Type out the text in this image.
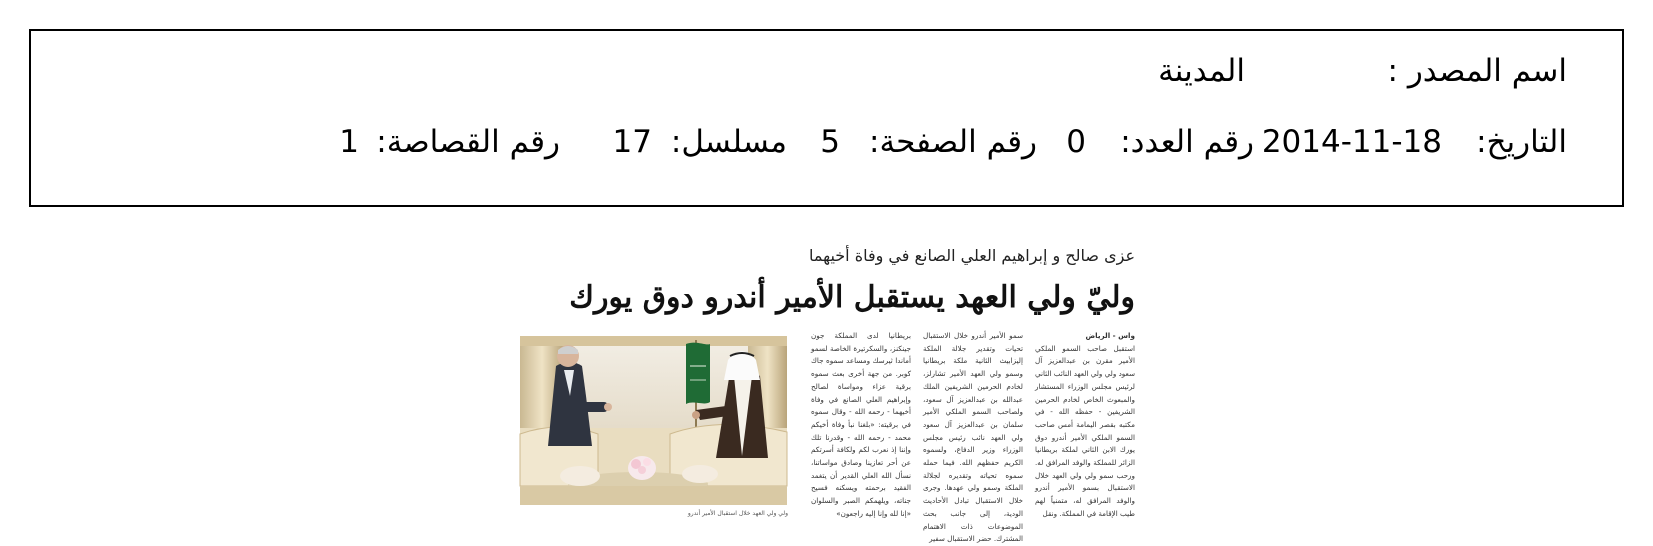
اسم المصدر :
المدينة
التاريخ:
2014-11-18
رقم العدد:
0
رقم الصفحة:
5
مسلسل:
17
رقم القصاصة:
1
عزى صالح و إبراهيم العلي الصانع في وفاة أخيهما
وليّ ولي العهد يستقبل الأمير أندرو دوق يورك
واس - الرياض
استقبل صاحب السمو الملكي الأمير مقرن بن عبدالعزيز آل سعود ولي ولي العهد النائب الثاني لرئيس مجلس الوزراء المستشار والمبعوث الخاص لخادم الحرمين الشريفين - حفظه الله - في مكتبه بقصر اليمامة أمس صاحب السمو الملكي الأمير أندرو دوق يورك الابن الثاني لملكة بريطانيا الزائر للمملكة والوفد المرافق له. ورحب سمو ولي ولي العهد خلال الاستقبال بسمو الأمير أندرو والوفد المرافق له، متمنياً لهم طيب الإقامة في المملكة. ونقل
سمو الأمير أندرو خلال الاستقبال تحيات وتقدير جلالة الملكة إليزابيث الثانية ملكة بريطانيا وسمو ولي العهد الأمير تشارلز، لخادم الحرمين الشريفين الملك عبدالله بن عبدالعزيز آل سعود، ولصاحب السمو الملكي الأمير سلمان بن عبدالعزيز آل سعود ولي العهد نائب رئيس مجلس الوزراء وزير الدفاع، ولسموه الكريم حفظهم الله. فيما حمله سموه تحياته وتقديره لجلالة الملكة وسمو ولي عهدها. وجرى خلال الاستقبال تبادل الأحاديث الودية، إلى جانب بحث الموضوعات ذات الاهتمام المشترك. حضر الاستقبال سفير
بريطانيا لدى المملكة جون جينكنز، والسكرتيرة الخاصة لسمو أماندا ثيرسك ومساعد سموه جاك كوبر. من جهة أخرى بعث سموه برقية عزاء ومواساة لصالح وإبراهيم العلي الصانع في وفاة أخيهما - رحمه الله - وقال سموه في برقيته: «بلغنا نبأ وفاة أخيكم محمد - رحمه الله - وقدرنا تلك وإننا إذ نعرب لكم ولكافة أسرتكم عن أحر تعازينا وصادق مواساتنا، نسأل الله العلي القدير أن يتغمد الفقيد برحمته ويسكنه فسيح جناته، ويلهمكم الصبر والسلوان «إنا لله وإنا إليه راجعون»
ولي ولي العهد خلال استقبال الأمير أندرو
